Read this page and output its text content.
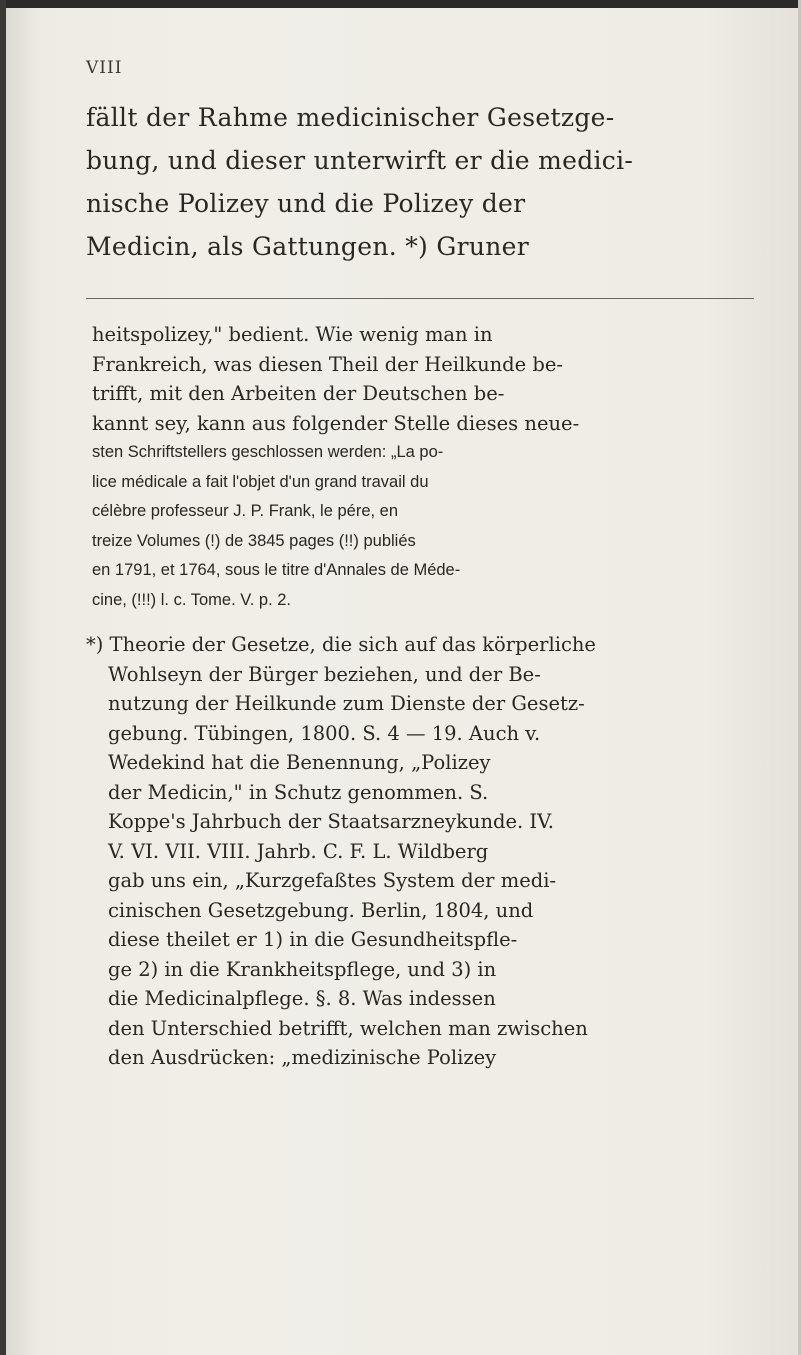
VIII
fällt der Rahme medicinischer Gesetzge-
bung, und dieser unterwirft er die medici-
nische Polizey und die Polizey der
Medicin, als Gattungen. *) Gruner
heitspolizey," bedient. Wie wenig man in
Frankreich, was diesen Theil der Heilkunde be-
trifft, mit den Arbeiten der Deutschen be-
kannt sey, kann aus folgender Stelle dieses neue-
sten Schriftstellers geschlossen werden: „La po-
lice médicale a fait l'objet d'un grand travail du
célèbre professeur J. P. Frank, le pére, en
treize Volumes (!) de 3845 pages (!!) publiés
en 1791, et 1764, sous le titre d'Annales de Méde-
cine, (!!!) l. c. Tome. V. p. 2.
*) Theorie der Gesetze, die sich auf das körperliche
Wohlseyn der Bürger beziehen, und der Be-
nutzung der Heilkunde zum Dienste der Gesetz-
gebung. Tübingen, 1800. S. 4 — 19. Auch v.
Wedekind hat die Benennung, „Polizey
der Medicin," in Schutz genommen. S.
Koppe's Jahrbuch der Staatsarzneykunde. IV.
V. VI. VII. VIII. Jahrb. C. F. L. Wildberg
gab uns ein, „Kurzgefaßtes System der medi-
cinischen Gesetzgebung. Berlin, 1804, und
diese theilet er 1) in die Gesundheitspfle-
ge 2) in die Krankheitspflege, und 3) in
die Medicinalpflege. §. 8. Was indessen
den Unterschied betrifft, welchen man zwischen
den Ausdrücken: „medizinische Polizey
